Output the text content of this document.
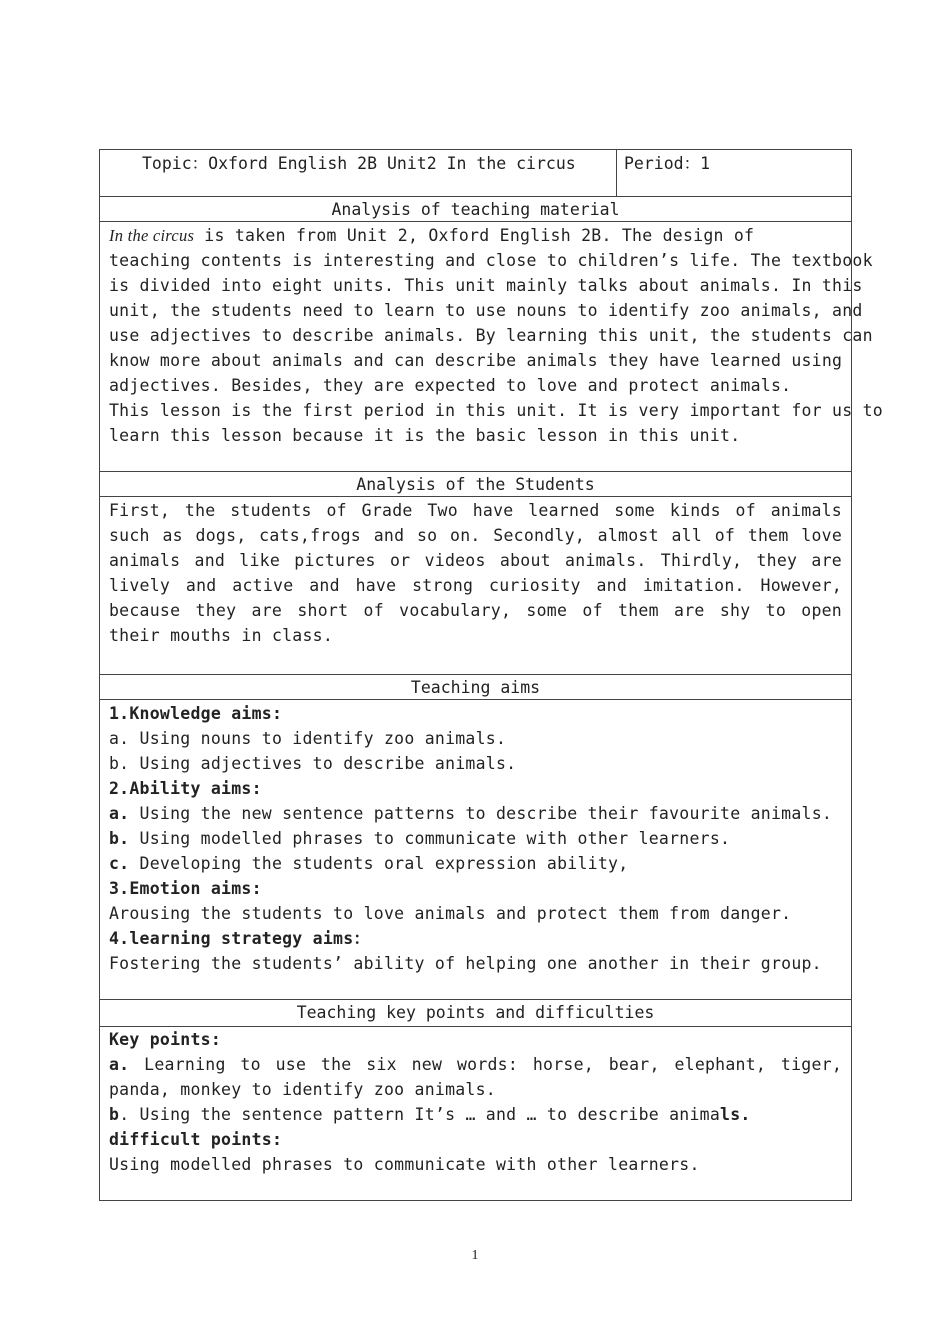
Topic：Oxford English 2B Unit2 In the circus	Period：1
Analysis of teaching material
In the circus is taken from Unit 2, Oxford English 2B. The design of
teaching contents is interesting and close to children’s life. The textbook
is divided into eight units. This unit mainly talks about animals. In this
unit, the students need to learn to use nouns to identify zoo animals, and
use adjectives to describe animals. By learning this unit, the students can
know more about animals and can describe animals they have learned using
adjectives. Besides, they are expected to love and protect animals.
This lesson is the first period in this unit. It is very important for us to
learn this lesson because it is the basic lesson in this unit.
Analysis of the Students
First, the students of Grade Two have learned some kinds of animals such as dogs, cats,frogs and so on. Secondly, almost all of them love animals and like pictures or videos about animals. Thirdly, they are lively and active and have strong curiosity and imitation. However, because they are short of vocabulary, some of them are shy to open their mouths in class.
Teaching aims
1.Knowledge aims:
a. Using nouns to identify zoo animals.
b. Using adjectives to describe animals.
2.Ability aims:
a. Using the new sentence patterns to describe their favourite animals.
b. Using modelled phrases to communicate with other learners.
c. Developing the students oral expression ability,
3.Emotion aims:
Arousing the students to love animals and protect them from danger.
4.learning strategy aims：
Fostering the students’ ability of helping one another in their group.
Teaching key points and difficulties
Key points:
a. Learning to use the six new words: horse, bear, elephant, tiger, panda, monkey to identify zoo animals.
b. Using the sentence pattern It’s … and … to describe animals.
difficult points:
Using modelled phrases to communicate with other learners.
1
